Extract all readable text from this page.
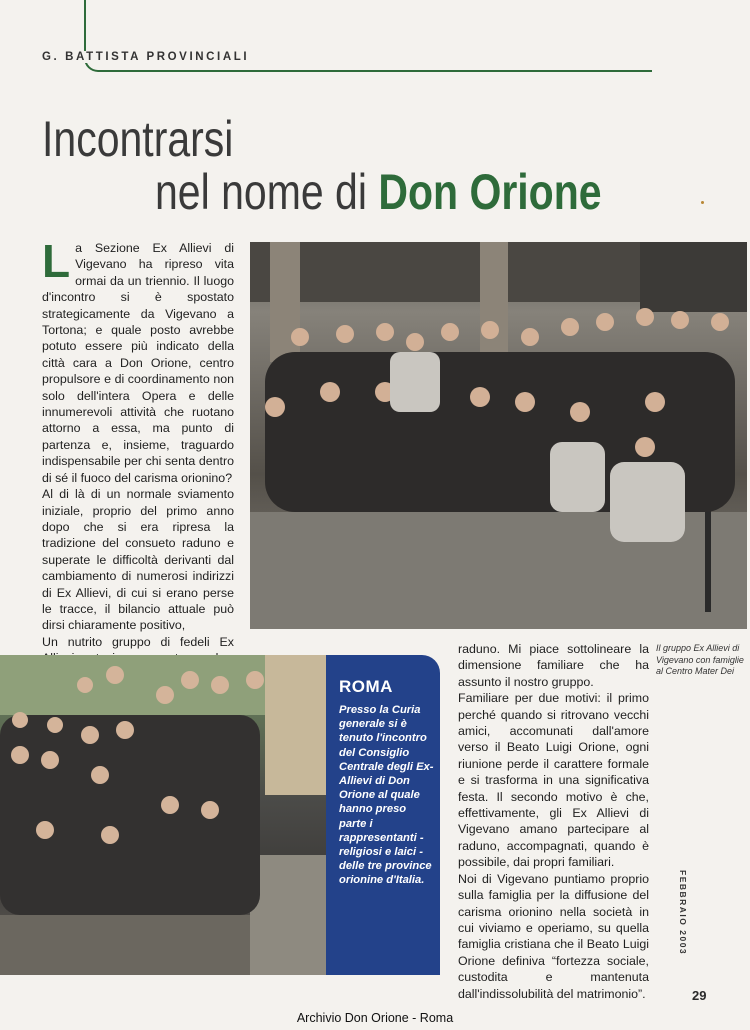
G. BATTISTA PROVINCIALI
Incontrarsi
nel nome di Don Orione

La Sezione Ex Allievi di Vigevano ha ripreso vita ormai da un triennio. Il luogo d'incontro si è spostato strategicamente da Vigevano a Tortona; e quale posto avrebbe potuto essere più indicato della città cara a Don Orione, centro propulsore e di coordinamento non solo dell'intera Opera e delle innumerevoli attività che ruotano attorno a essa, ma punto di partenza e, insieme, traguardo indispensabile per chi senta dentro di sé il fuoco del carisma orionino?

Al di là di un normale sviamento iniziale, proprio del primo anno dopo che si era ripresa la tradizione del consueto raduno e superate le difficoltà derivanti dal cambiamento di numerosi indirizzi di Ex Allievi, di cui si erano perse le tracce, il bilancio attuale può dirsi chiaramente positivo,

Un nutrito gruppo di fedeli Ex

ROMA
Presso la Curia generale si è tenuto l'incontro del Consiglio Centrale degli Ex-Allievi di Don Orione al quale hanno preso parte i rappresentanti - religiosi e laici - delle tre province orionine d'Italia.

raduno. Mi piace sottolineare la dimensione familiare che ha assunto il nostro gruppo.

Familiare per due motivi: il primo perché quando si ritrovano vecchi amici, accomunati dall'amore verso il Beato Luigi Orione, ogni riunione perde il carattere formale e si trasforma in una significativa festa. Il secondo motivo è che, effettivamente, gli Ex Allievi di Vigevano amano partecipare al raduno, accompagnati, quando è possibile, dai propri familiari.

Noi di Vigevano puntiamo proprio sulla famiglia per la diffusione del carisma orionino nella società in cui viviamo e operiamo, su quella famiglia cristiana che il Beato Luigi Orione definiva “fortezza sociale, custodita e mantenuta dall'indissolubilità del matrimonio”.

Il gruppo Ex Allievi di Vigevano con famiglie al Centro Mater Dei
FEBBRAIO 2003
29
Archivio Don Orione - Roma
